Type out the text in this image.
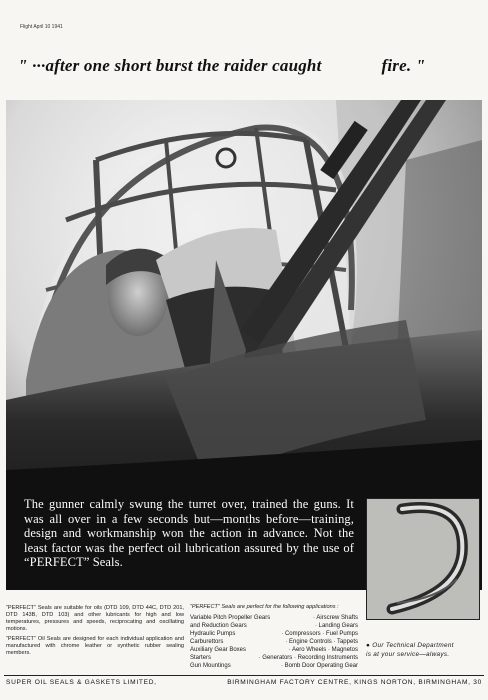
Flight April 10 1941
" ···after one short burst the raider caught	fire. "
The gunner calmly swung the turret over, trained the guns. It was all over in a few seconds but—months before—training, design and workmanship won the action in advance. Not the least factor was the perfect oil lubrication assured by the use of “PERFECT” Seals.

“PERFECT” Seals are suitable for oils (DTD 109, DTD 44C, DTD 201, DTD 143B, DTD 103) and other lubricants for high and low temperatures, pressures and speeds, reciprocating and oscillating motions.

“PERFECT” Oil Seals are designed for each individual application and manufactured with chrome leather or synthetic rubber sealing members.

“PERFECT” Seals are perfect for the following applications :
Variable Pitch Propeller Gears	· Airscrew Shafts
and Reduction Gears	· Landing Gears
Hydraulic Pumps	· Compressors · Fuel Pumps
Carburettors	· Engine Controls · Tappets
Auxiliary Gear Boxes	· Aero Wheels · Magnetos
Starters	· Generators · Recording Instruments
Gun Mountings	· Bomb Door Operating Gear
● Our Technical Department
is at your service—always.
SUPER OIL SEALS & GASKETS LIMITED,	BIRMINGHAM FACTORY CENTRE, KINGS NORTON, BIRMINGHAM, 30
